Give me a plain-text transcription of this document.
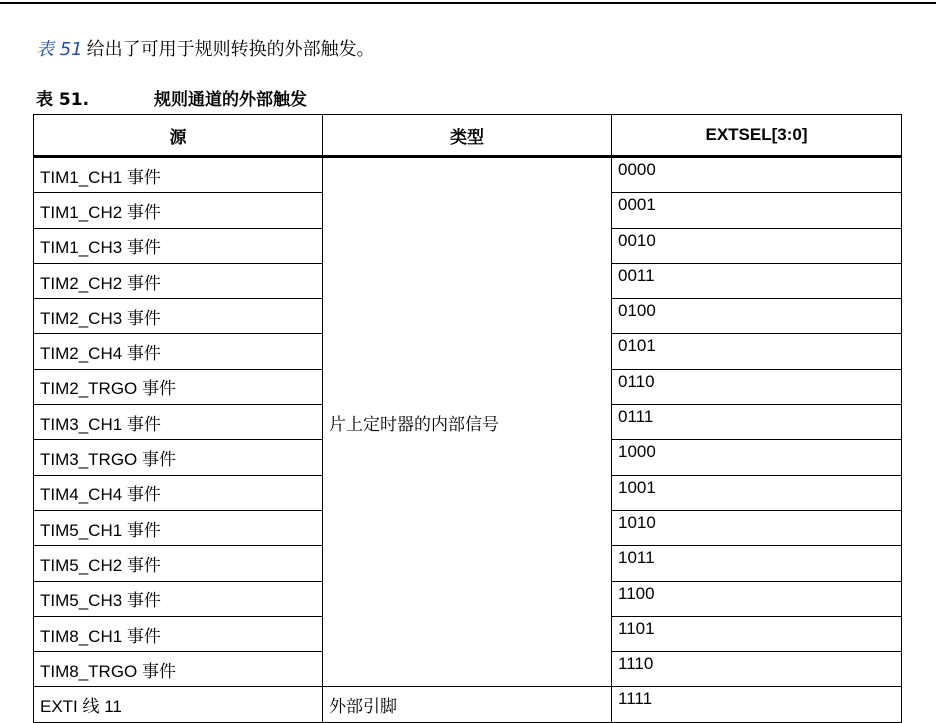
表 51 给出了可用于规则转换的外部触发。
表 51.	规则通道的外部触发
源	类型	EXTSEL[3:0]
TIM1_CH1 事件	片上定时器的内部信号	0000
TIM1_CH2 事件		0001
TIM1_CH3 事件		0010
TIM2_CH2 事件		0011
TIM2_CH3 事件		0100
TIM2_CH4 事件		0101
TIM2_TRGO 事件		0110
TIM3_CH1 事件		0111
TIM3_TRGO 事件		1000
TIM4_CH4 事件		1001
TIM5_CH1 事件		1010
TIM5_CH2 事件		1011
TIM5_CH3 事件		1100
TIM8_CH1 事件		1101
TIM8_TRGO 事件		1110
EXTI 线 11	外部引脚	1111
